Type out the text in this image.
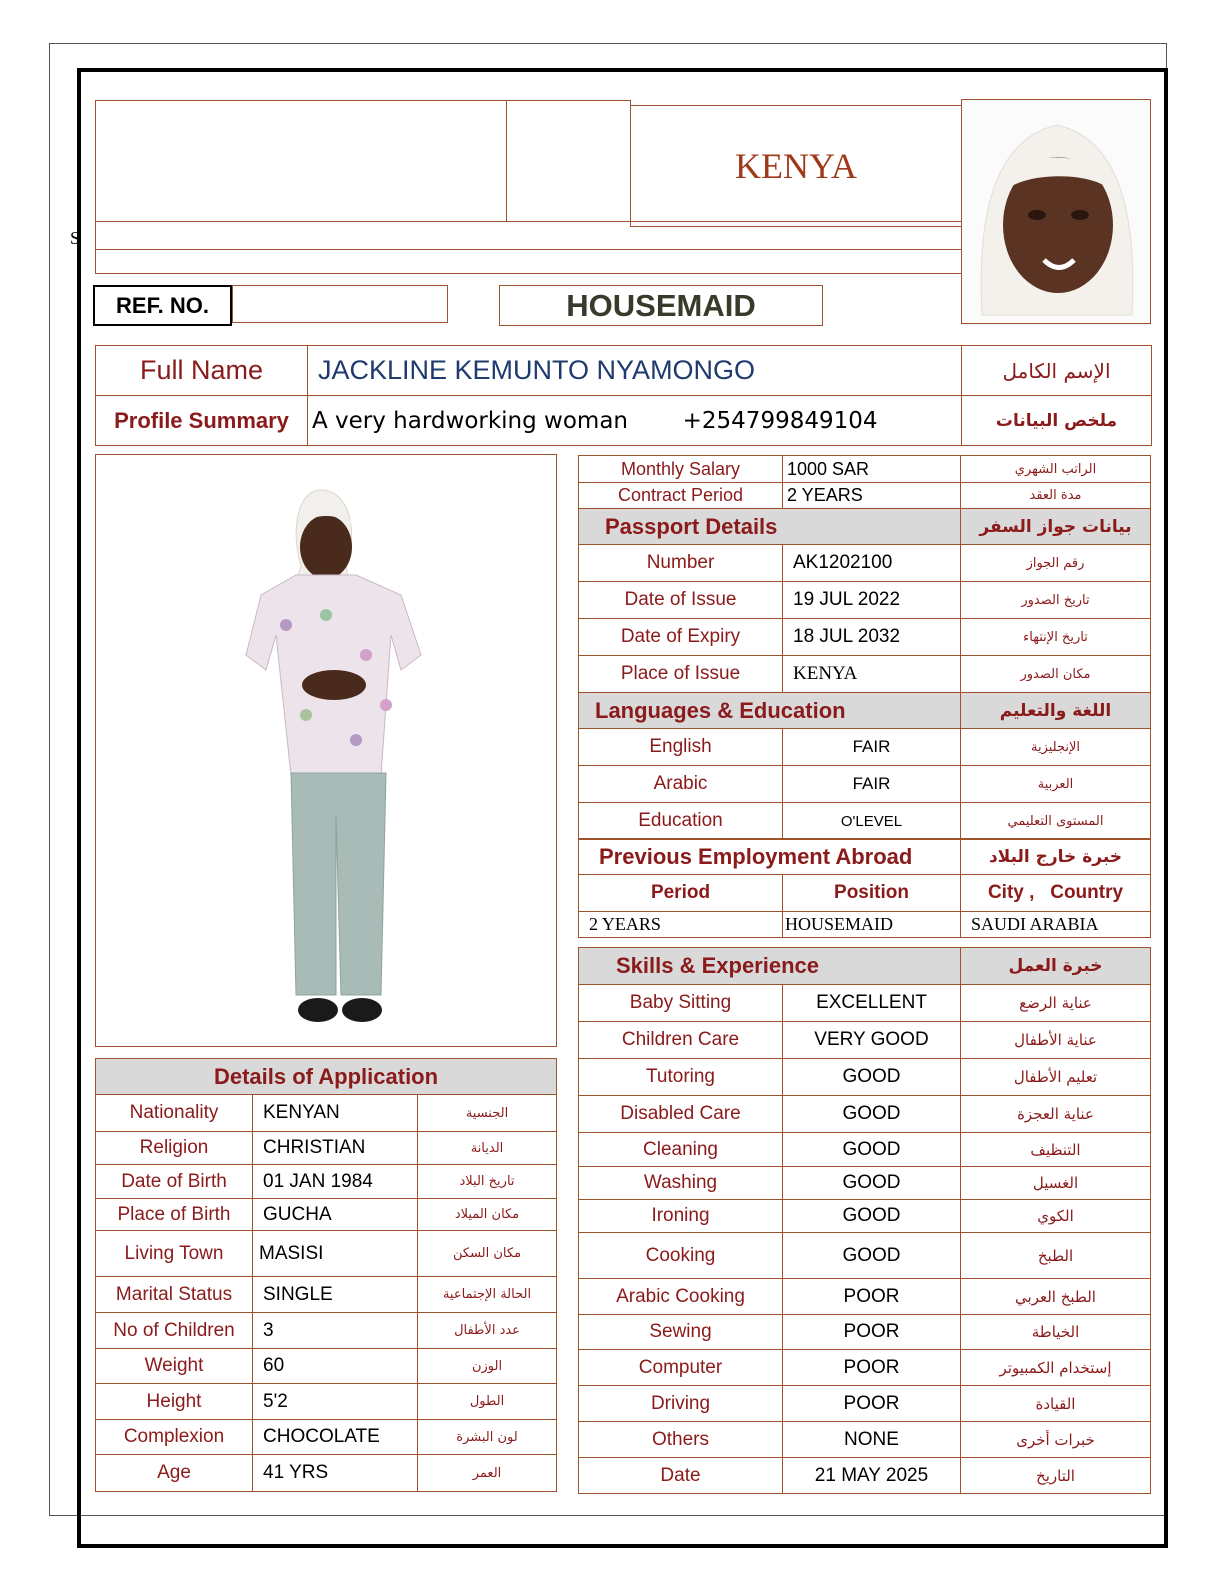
S
KENYA
REF. NO.	HOUSEMAID
Full Name	JACKLINE KEMUNTO NYAMONGO	الإسم الكامل
Profile Summary	A very hardworking woman +254799849104	ملخص البيانات
Monthly Salary	1000 SAR	الراتب الشهري
Contract Period	2 YEARS	مدة العقد
Passport Details		بيانات جواز السفر
Number	AK1202100	رقم الجواز
Date of Issue	19 JUL 2022	تاريخ الصدور
Date of Expiry	18 JUL 2032	تاريخ الإنتهاء
Place of Issue	KENYA	مكان الصدور
Languages & Education		اللغة والتعليم
English	FAIR	الإنجليزية
Arabic	FAIR	العربية
Education	O'LEVEL	المستوى التعليمي
Previous Employment Abroad		خبرة خارج البلاد
Period	Position	City ,   Country
2 YEARS	HOUSEMAID	SAUDI ARABIA
Skills & Experience		خبرة العمل
Baby Sitting	EXCELLENT	عناية الرضع
Children Care	VERY GOOD	عناية الأطفال
Tutoring	GOOD	تعليم الأطفال
Disabled Care	GOOD	عناية العجزة
Cleaning	GOOD	التنظيف
Washing	GOOD	الغسيل
Ironing	GOOD	الكوي
Cooking	GOOD	الطبخ
Arabic Cooking	POOR	الطبخ العربي
Sewing	POOR	الخياطة
Computer	POOR	إستخدام الكمبيوتر
Driving	POOR	القيادة
Others	NONE	خبرات أخرى
Date	21 MAY 2025	التاريخ
Details of Application		
Nationality	KENYAN	الجنسية
Religion	CHRISTIAN	الديانة
Date of Birth	01 JAN 1984	تاريخ البلاد
Place of Birth	GUCHA	مكان الميلاد
Living Town	MASISI	مكان السكن
Marital Status	SINGLE	الحالة الإجتماعية
No of Children	3	عدد الأطفال
Weight	60	الوزن
Height	5'2	الطول
Complexion	CHOCOLATE	لون البشرة
Age	41 YRS	العمر
